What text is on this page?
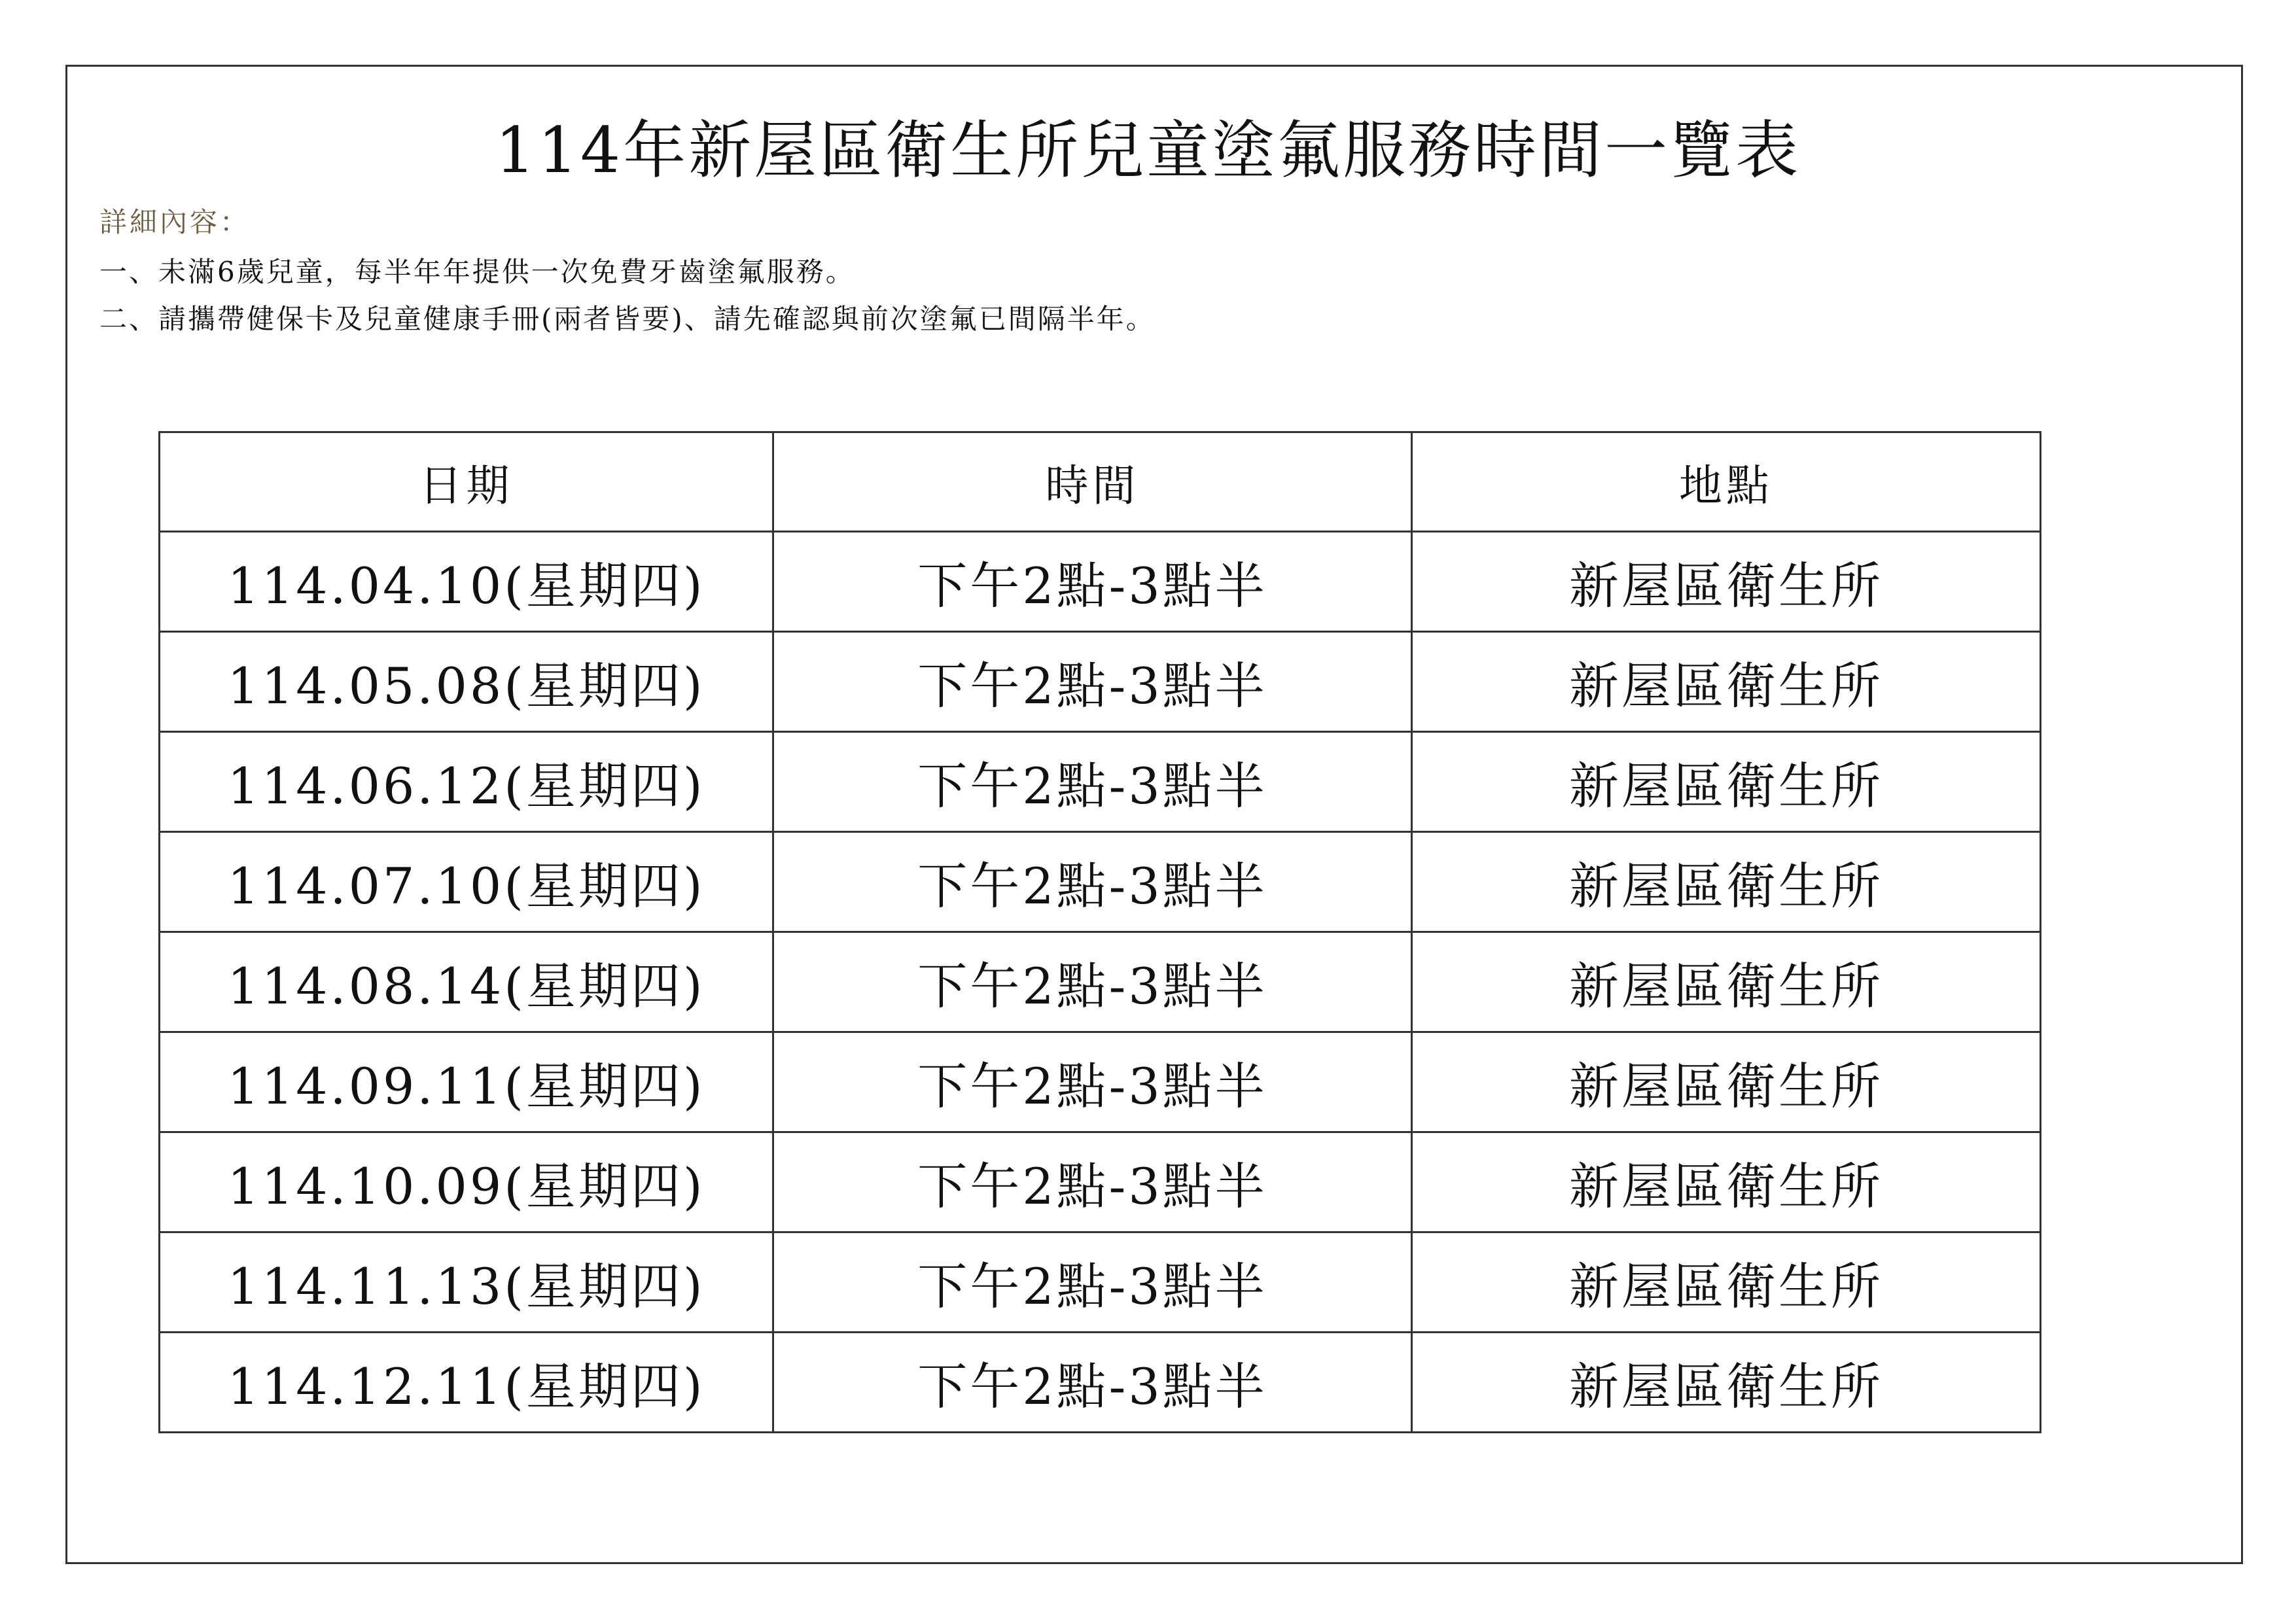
114年新屋區衛生所兒童塗氟服務時間一覽表
詳細內容：
一、未滿6歲兒童，每半年年提供一次免費牙齒塗氟服務。
二、請攜帶健保卡及兒童健康手冊(兩者皆要)、請先確認與前次塗氟已間隔半年。
日期	時間	地點
114.04.10(星期四)	下午2點-3點半	新屋區衛生所
114.05.08(星期四)	下午2點-3點半	新屋區衛生所
114.06.12(星期四)	下午2點-3點半	新屋區衛生所
114.07.10(星期四)	下午2點-3點半	新屋區衛生所
114.08.14(星期四)	下午2點-3點半	新屋區衛生所
114.09.11(星期四)	下午2點-3點半	新屋區衛生所
114.10.09(星期四)	下午2點-3點半	新屋區衛生所
114.11.13(星期四)	下午2點-3點半	新屋區衛生所
114.12.11(星期四)	下午2點-3點半	新屋區衛生所
